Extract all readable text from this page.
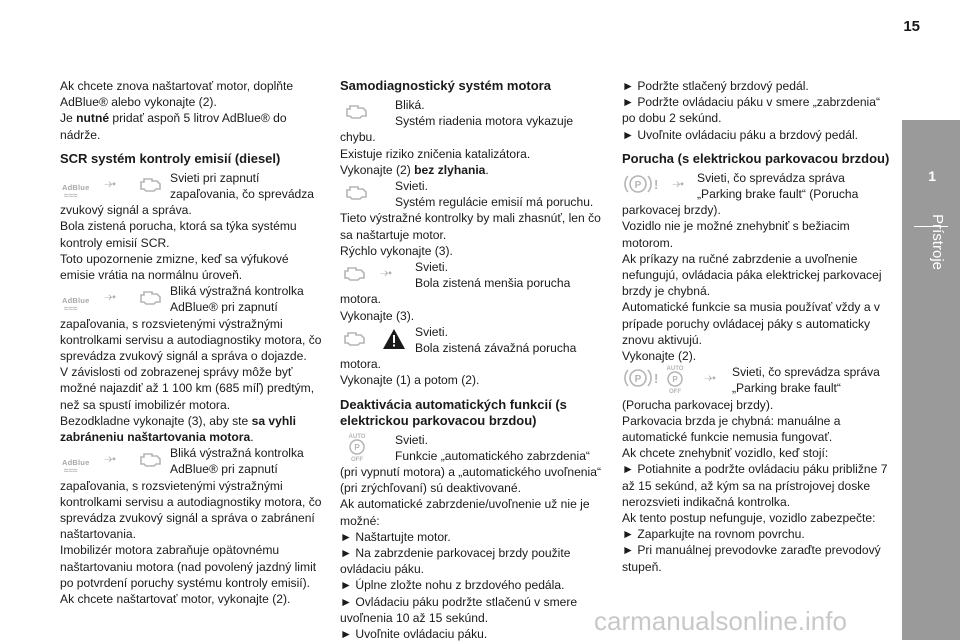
15

Ak chcete znova naštartovať motor, doplňte AdBlue® alebo vykonajte (2).

Je nutné pridať aspoň 5 litrov AdBlue® do nádrže.

SCR systém kontroly emisií (diesel)
AdBlue ≈≈≈ ⤞	Svieti pri zapnutí zapaľovania, čo sprevádza zvukový signál a správa.

Bola zistená porucha, ktorá sa týka systému kontroly emisií SCR.

Toto upozornenie zmizne, keď sa výfukové emisie vrátia na normálnu úroveň.

AdBlue ≈≈≈ ⤞	Bliká výstražná kontrolka AdBlue® pri zapnutí zapaľovania, s rozsvietenými výstražnými kontrolkami servisu a autodiagnostiky motora, čo sprevádza zvukový signál a správa o dojazde.

V závislosti od zobrazenej správy môže byť možné najazdiť až 1 100 km (685 míľ) predtým, než sa spustí imobilizér motora.

Bezodkladne vykonajte (3), aby ste sa vyhli zabráneniu naštartovania motora.

AdBlue ≈≈≈ ⤞	Bliká výstražná kontrolka AdBlue® pri zapnutí zapaľovania, s rozsvietenými výstražnými kontrolkami servisu a autodiagnostiky motora, čo sprevádza zvukový signál a správa o zabránení naštartovania.

Imobilizér motora zabraňuje opätovnému naštartovaniu motora (nad povolený jazdný limit po potvrdení poruchy systému kontroly emisií).

Ak chcete naštartovať motor, vykonajte (2).

Samodiagnostický systém motora

Bliká.

Systém riadenia motora vykazuje chybu.

Existuje riziko zničenia katalizátora.

Vykonajte (2) bez zlyhania.

Svieti.

Systém regulácie emisií má poruchu.

Tieto výstražné kontrolky by mali zhasnúť, len čo sa naštartuje motor.

Rýchlo vykonajte (3).

⤞	Svieti.

Bola zistená menšia porucha motora.

Vykonajte (3).

Svieti.

Bola zistená závažná porucha motora.

Vykonajte (1) a potom (2).

Deaktivácia automatických funkcií (s elektrickou parkovacou brzdou)
AUTO
P
OFF

Svieti.

Funkcie „automatického zabrzdenia“ (pri vypnutí motora) a „automatického uvoľnenia“ (pri zrýchľovaní) sú deaktivované.

Ak automatické zabrzdenie/uvoľnenie už nie je možné:

► Naštartujte motor.

► Na zabrzdenie parkovacej brzdy použite ovládaciu páku.

► Úplne zložte nohu z brzdového pedála.

► Ovládaciu páku podržte stlačenú v smere uvoľnenia 10 až 15 sekúnd.

► Uvoľnite ovládaciu páku.

► Podržte stlačený brzdový pedál.

► Podržte ovládaciu páku v smere „zabrzdenia“ po dobu 2 sekúnd.

► Uvoľnite ovládaciu páku a brzdový pedál.

Porucha (s elektrickou parkovacou brzdou)
P ! ⤞	Svieti, čo sprevádza správa „Parking brake fault“ (Porucha parkovacej brzdy).

Vozidlo nie je možné znehybniť s bežiacim motorom.

Ak príkazy na ručné zabrzdenie a uvoľnenie nefungujú, ovládacia páka elektrickej parkovacej brzdy je chybná.

Automatické funkcie sa musia používať vždy a v prípade poruchy ovládacej páky s automaticky znovu aktivujú.

Vykonajte (2).

P !
AUTO
P
OFF
⤞	Svieti, čo sprevádza správa „Parking brake fault“ (Porucha parkovacej brzdy).

Parkovacia brzda je chybná: manuálne a automatické funkcie nemusia fungovať.

Ak chcete znehybniť vozidlo, keď stojí:

► Potiahnite a podržte ovládaciu páku približne 7 až 15 sekúnd, až kým sa na prístrojovej doske nerozsvieti indikačná kontrolka.

Ak tento postup nefunguje, vozidlo zabezpečte:

► Zaparkujte na rovnom povrchu.

► Pri manuálnej prevodovke zaraďte prevodový stupeň.

1
Prístroje
carmanualsonline.info
